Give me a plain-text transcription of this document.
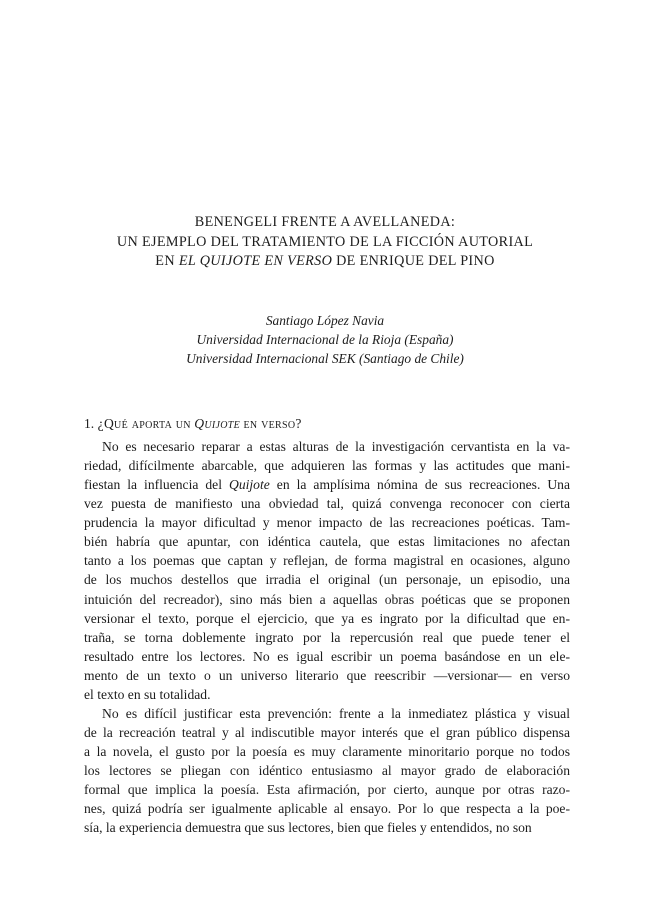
BENENGELI FRENTE A AVELLANEDA:
UN EJEMPLO DEL TRATAMIENTO DE LA FICCIÓN AUTORIAL
EN EL QUIJOTE EN VERSO DE ENRIQUE DEL PINO
Santiago López Navia
Universidad Internacional de la Rioja (España)
Universidad Internacional SEK (Santiago de Chile)
1. ¿Qué aporta un Quijote en verso?
No es necesario reparar a estas alturas de la investigación cervantista en la va-
riedad, difícilmente abarcable, que adquieren las formas y las actitudes que mani-
fiestan la influencia del Quijote en la amplísima nómina de sus recreaciones. Una
vez puesta de manifiesto una obviedad tal, quizá convenga reconocer con cierta
prudencia la mayor dificultad y menor impacto de las recreaciones poéticas. Tam-
bién habría que apuntar, con idéntica cautela, que estas limitaciones no afectan
tanto a los poemas que captan y reflejan, de forma magistral en ocasiones, alguno
de los muchos destellos que irradia el original (un personaje, un episodio, una
intuición del recreador), sino más bien a aquellas obras poéticas que se proponen
versionar el texto, porque el ejercicio, que ya es ingrato por la dificultad que en-
traña, se torna doblemente ingrato por la repercusión real que puede tener el
resultado entre los lectores. No es igual escribir un poema basándose en un ele-
mento de un texto o un universo literario que reescribir —versionar— en verso
el texto en su totalidad.
No es difícil justificar esta prevención: frente a la inmediatez plástica y visual
de la recreación teatral y al indiscutible mayor interés que el gran público dispensa
a la novela, el gusto por la poesía es muy claramente minoritario porque no todos
los lectores se pliegan con idéntico entusiasmo al mayor grado de elaboración
formal que implica la poesía. Esta afirmación, por cierto, aunque por otras razo-
nes, quizá podría ser igualmente aplicable al ensayo. Por lo que respecta a la poe-
sía, la experiencia demuestra que sus lectores, bien que fieles y entendidos, no son
